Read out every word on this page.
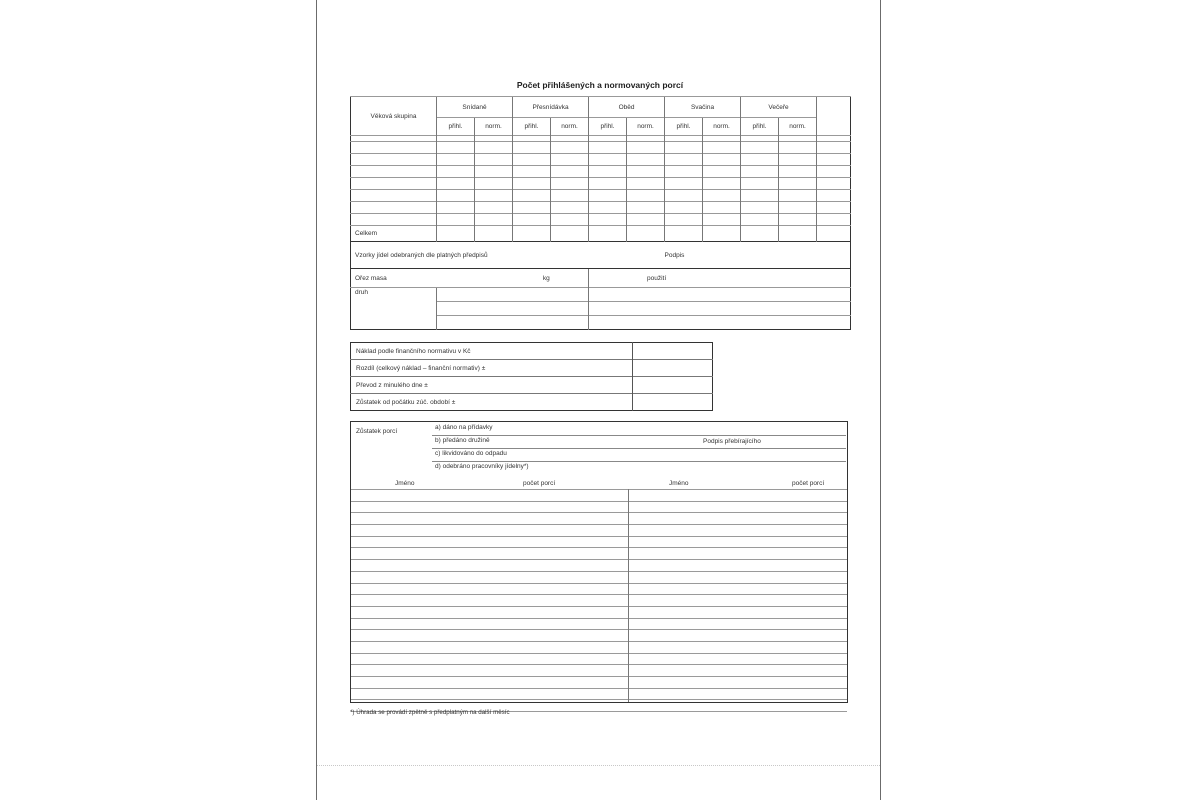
Počet přihlášených a normovaných porcí
Věková skupina	Snídaně		Přesnídávka		Oběd		Svačina		Večeře		
	přihl.	norm.	přihl.	norm.	přihl.	norm.	přihl.	norm.	přihl.	norm.	

Celkem											
Vzorky jídel odebraných dle platných předpisů							Podpis				
Ořez masa		kg			použití						
druh											

Náklad podle finančního normativu v Kč	
Rozdíl (celkový náklad – finanční normativ) ±	
Převod z minulého dne ±	
Zůstatek od počátku zúč. období ±	
Zůstatek porcí
a) dáno na přídavky
b) předáno družině
c) likvidováno do odpadu
d) odebráno pracovníky jídelny*)
Podpis přebírajícího
Jméno	počet porcí	Jméno	počet porcí
*) Úhrada se provádí zpětně s předplatným na další měsíc
